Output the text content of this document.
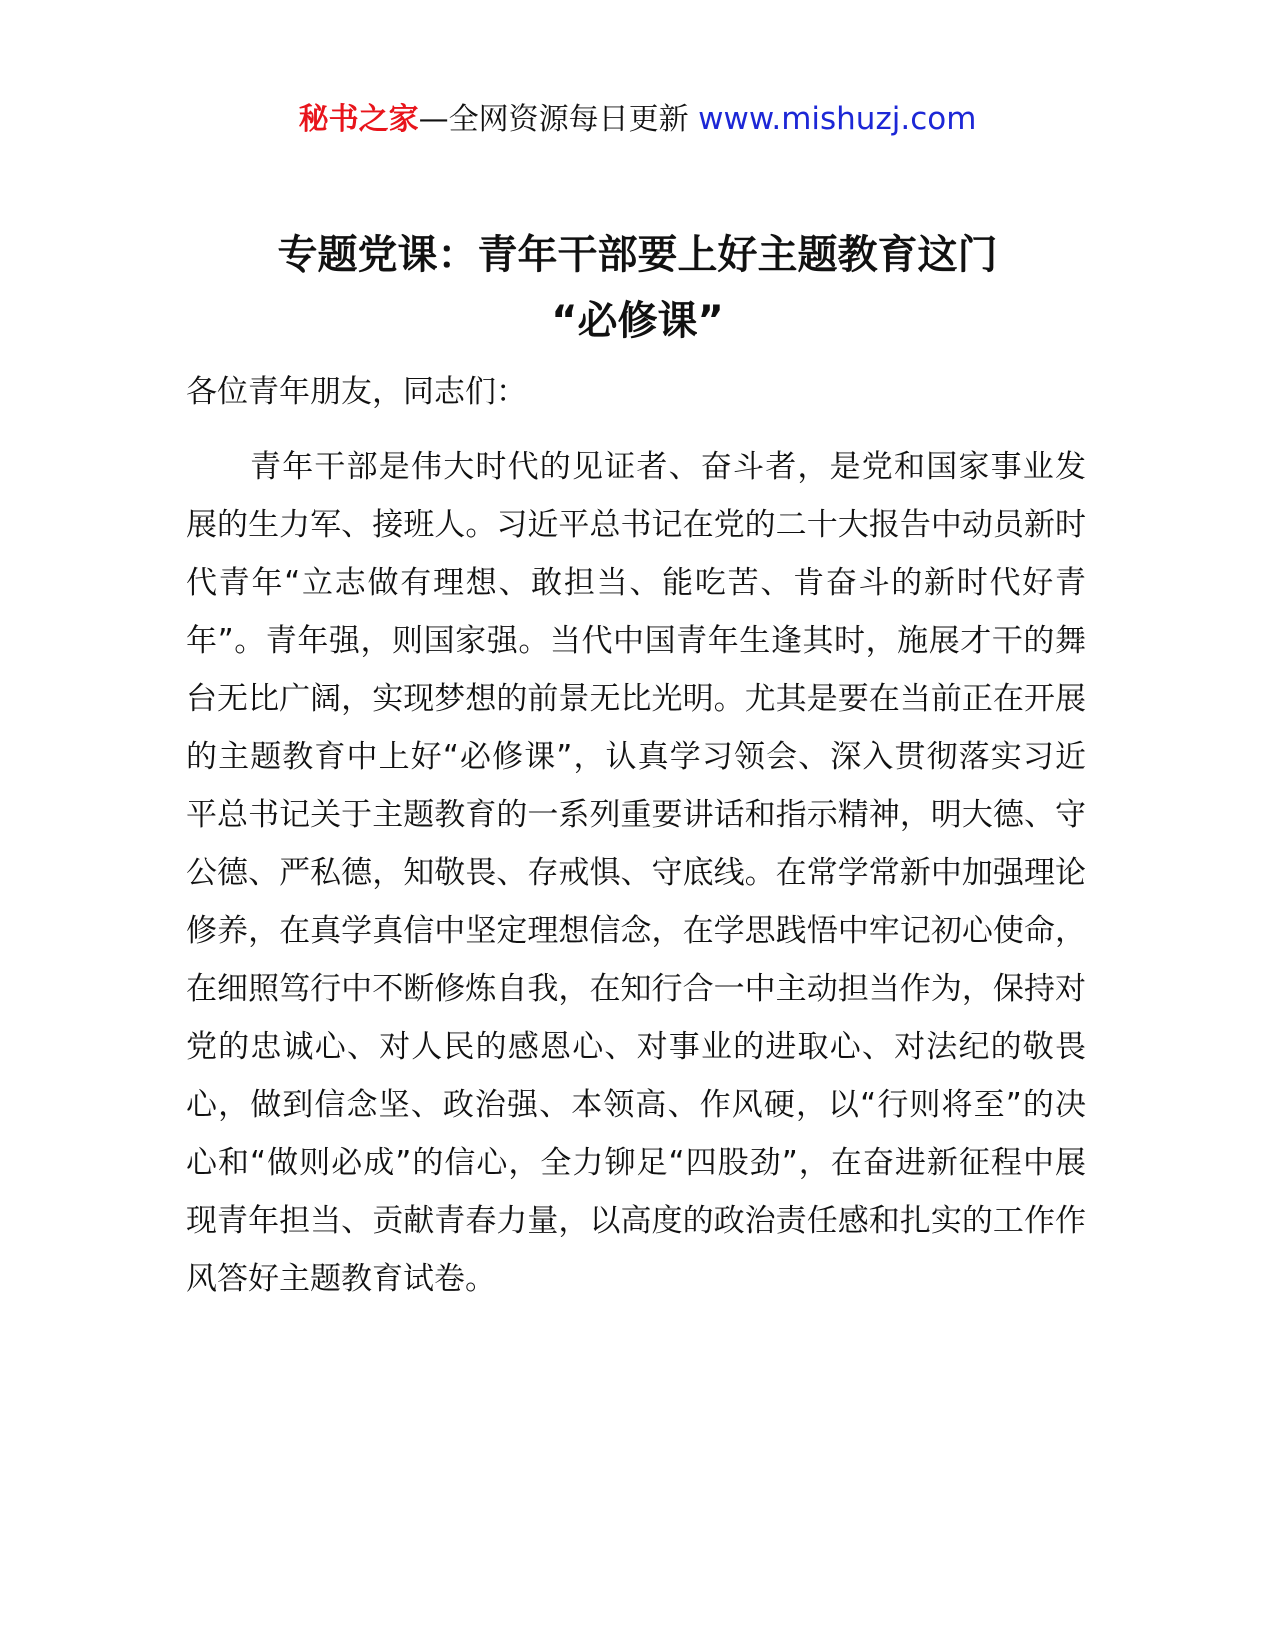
秘书之家—全网资源每日更新 www.mishuzj.com
专题党课：青年干部要上好主题教育这门
“必修课”
各位青年朋友，同志们：

青年干部是伟大时代的见证者、奋斗者，是党和国家事业发展的生力军、接班人。习近平总书记在党的二十大报告中动员新时代青年“立志做有理想、敢担当、能吃苦、肯奋斗的新时代好青年”。青年强，则国家强。当代中国青年生逢其时，施展才干的舞台无比广阔，实现梦想的前景无比光明。尤其是要在当前正在开展的主题教育中上好“必修课”，认真学习领会、深入贯彻落实习近平总书记关于主题教育的一系列重要讲话和指示精神，明大德、守公德、严私德，知敬畏、存戒惧、守底线。在常学常新中加强理论修养，在真学真信中坚定理想信念，在学思践悟中牢记初心使命，在细照笃行中不断修炼自我，在知行合一中主动担当作为，保持对党的忠诚心、对人民的感恩心、对事业的进取心、对法纪的敬畏心，做到信念坚、政治强、本领高、作风硬，以“行则将至”的决心和“做则必成”的信心，全力铆足“四股劲”，在奋进新征程中展现青年担当、贡献青春力量，以高度的政治责任感和扎实的工作作风答好主题教育试卷。
